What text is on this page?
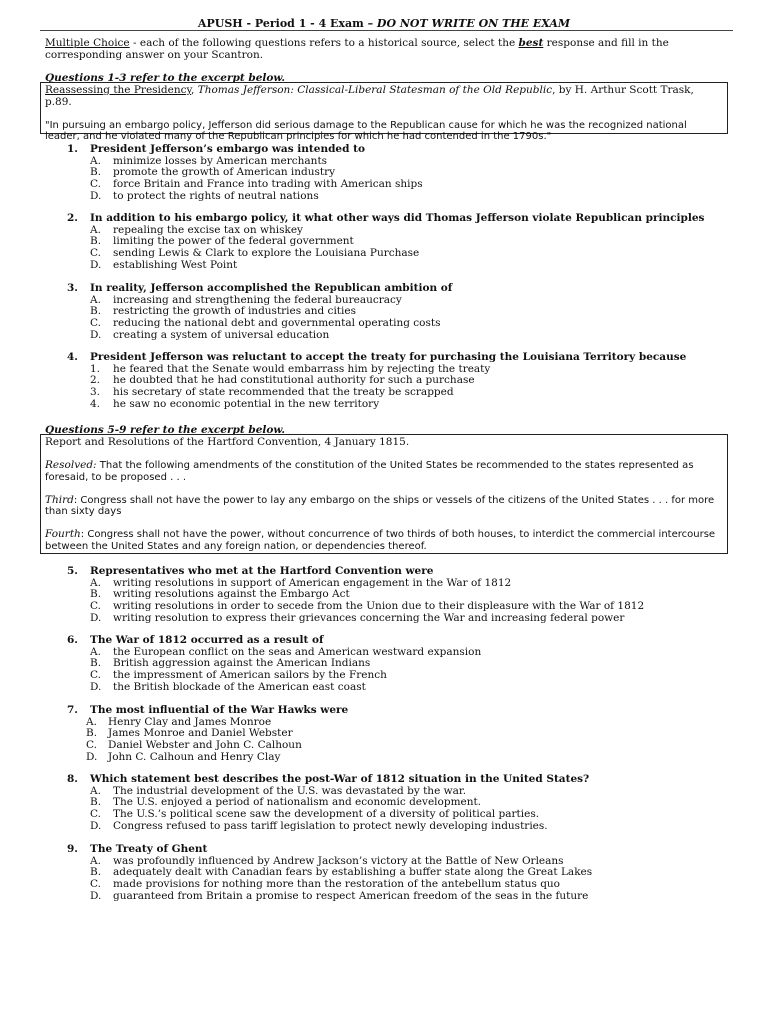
APUSH - Period 1 - 4 Exam – DO NOT WRITE ON THE EXAM
Multiple Choice - each of the following questions refers to a historical source, select the best response and fill in the corresponding answer on your Scantron.
Questions 1-3 refer to the excerpt below.

Reassessing the Presidency, Thomas Jefferson: Classical-Liberal Statesman of the Old Republic, by H. Arthur Scott Trask, p.89.

"In pursuing an embargo policy, Jefferson did serious damage to the Republican cause for which he was the recognized national leader, and he violated many of the Republican principles for which he had contended in the 1790s."

1. President Jefferson’s embargo was intended to
A. minimize losses by American merchants
B. promote the growth of American industry
C. force Britain and France into trading with American ships
D. to protect the rights of neutral nations
2. In addition to his embargo policy, it what other ways did Thomas Jefferson violate Republican principles
A. repealing the excise tax on whiskey
B. limiting the power of the federal government
C. sending Lewis & Clark to explore the Louisiana Purchase
D. establishing West Point
3. In reality, Jefferson accomplished the Republican ambition of
A. increasing and strengthening the federal bureaucracy
B. restricting the growth of industries and cities
C. reducing the national debt and governmental operating costs
D. creating a system of universal education
4. President Jefferson was reluctant to accept the treaty for purchasing the Louisiana Territory because
1. he feared that the Senate would embarrass him by rejecting the treaty
2. he doubted that he had constitutional authority for such a purchase
3. his secretary of state recommended that the treaty be scrapped
4. he saw no economic potential in the new territory
5. Representatives who met at the Hartford Convention were
A. writing resolutions in support of American engagement in the War of 1812
B. writing resolutions against the Embargo Act
C. writing resolutions in order to secede from the Union due to their displeasure with the War of 1812
D. writing resolution to express their grievances concerning the War and increasing federal power
6. The War of 1812 occurred as a result of
A. the European conflict on the seas and American westward expansion
B. British aggression against the American Indians
C. the impressment of American sailors by the French
D. the British blockade of the American east coast
7. The most influential of the War Hawks were
A. Henry Clay and James Monroe
B. James Monroe and Daniel Webster
C. Daniel Webster and John C. Calhoun
D. John C. Calhoun and Henry Clay
8. Which statement best describes the post-War of 1812 situation in the United States?
A. The industrial development of the U.S. was devastated by the war.
B. The U.S. enjoyed a period of nationalism and economic development.
C. The U.S.’s political scene saw the development of a diversity of political parties.
D. Congress refused to pass tariff legislation to protect newly developing industries.
9. The Treaty of Ghent
A. was profoundly influenced by Andrew Jackson’s victory at the Battle of New Orleans
B. adequately dealt with Canadian fears by establishing a buffer state along the Great Lakes
C. made provisions for nothing more than the restoration of the antebellum status quo
D. guaranteed from Britain a promise to respect American freedom of the seas in the future
Questions 5-9 refer to the excerpt below.

Report and Resolutions of the Hartford Convention, 4 January 1815.

Resolved: That the following amendments of the constitution of the United States be recommended to the states represented as foresaid, to be proposed . . .

Third: Congress shall not have the power to lay any embargo on the ships or vessels of the citizens of the United States . . . for more than sixty days

Fourth: Congress shall not have the power, without concurrence of two thirds of both houses, to interdict the commercial intercourse between the United States and any foreign nation, or dependencies thereof.
